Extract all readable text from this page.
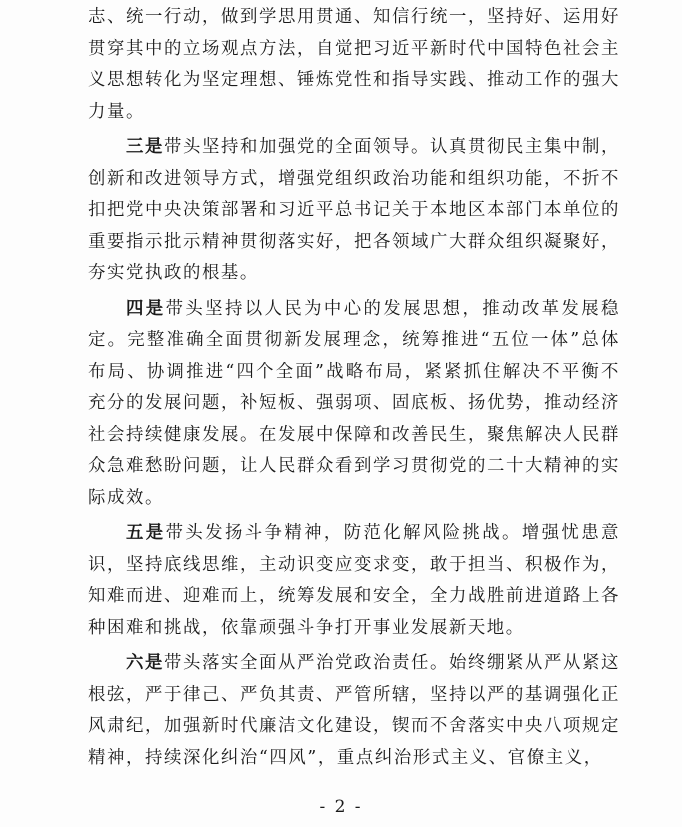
志、统一行动，做到学思用贯通、知信行统一，坚持好、运用好贯穿其中的立场观点方法，自觉把习近平新时代中国特色社会主义思想转化为坚定理想、锤炼党性和指导实践、推动工作的强大力量。

三是带头坚持和加强党的全面领导。认真贯彻民主集中制，创新和改进领导方式，增强党组织政治功能和组织功能，不折不扣把党中央决策部署和习近平总书记关于本地区本部门本单位的重要指示批示精神贯彻落实好，把各领域广大群众组织凝聚好，夯实党执政的根基。

四是带头坚持以人民为中心的发展思想，推动改革发展稳定。完整准确全面贯彻新发展理念，统筹推进“五位一体”总体布局、协调推进“四个全面”战略布局，紧紧抓住解决不平衡不充分的发展问题，补短板、强弱项、固底板、扬优势，推动经济社会持续健康发展。在发展中保障和改善民生，聚焦解决人民群众急难愁盼问题，让人民群众看到学习贯彻党的二十大精神的实际成效。

五是带头发扬斗争精神，防范化解风险挑战。增强忧患意识，坚持底线思维，主动识变应变求变，敢于担当、积极作为，知难而进、迎难而上，统筹发展和安全，全力战胜前进道路上各种困难和挑战，依靠顽强斗争打开事业发展新天地。

六是带头落实全面从严治党政治责任。始终绷紧从严从紧这根弦，严于律己、严负其责、严管所辖，坚持以严的基调强化正风肃纪，加强新时代廉洁文化建设，锲而不舍落实中央八项规定精神，持续深化纠治“四风”，重点纠治形式主义、官僚主义，

- 2 -
